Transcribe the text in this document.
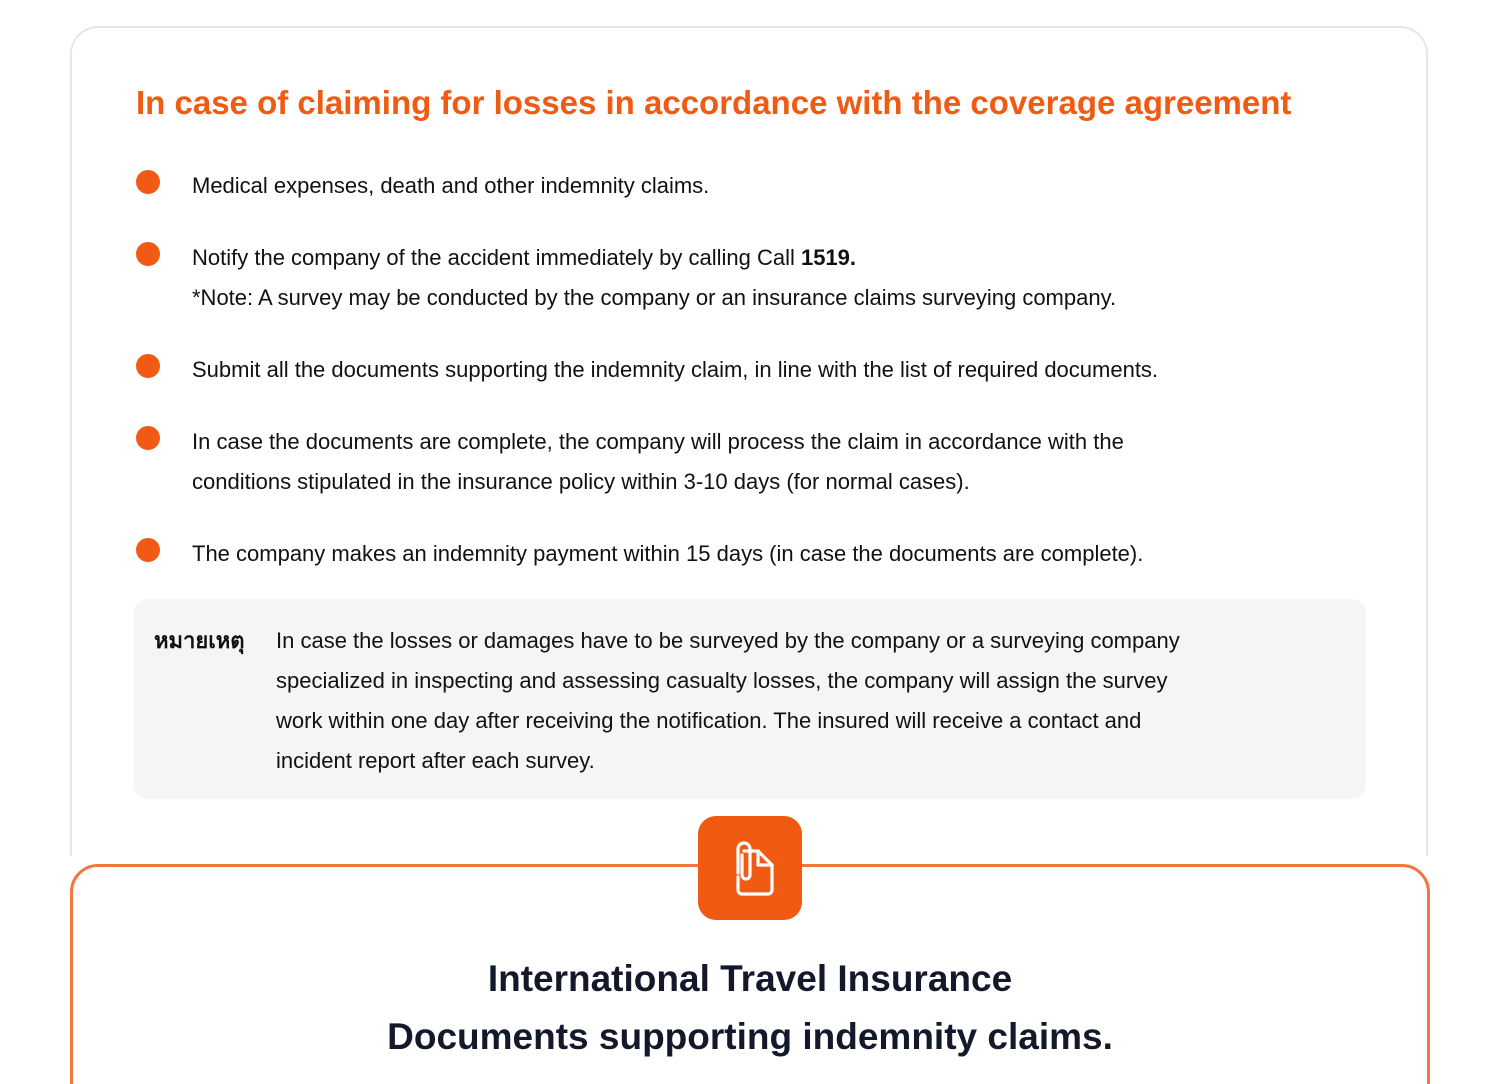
In case of claiming for losses in accordance with the coverage agreement
Medical expenses, death and other indemnity claims.
Notify the company of the accident immediately by calling Call 1519.
*Note: A survey may be conducted by the company or an insurance claims surveying company.
Submit all the documents supporting the indemnity claim, in line with the list of required documents.
In case the documents are complete, the company will process the claim in accordance with the
conditions stipulated in the insurance policy within 3-10 days (for normal cases).
The company makes an indemnity payment within 15 days (in case the documents are complete).
หมายเหตุ In case the losses or damages have to be surveyed by the company or a surveying company
specialized in inspecting and assessing casualty losses, the company will assign the survey
work within one day after receiving the notification. The insured will receive a contact and
incident report after each survey.
International Travel Insurance
Documents supporting indemnity claims.
